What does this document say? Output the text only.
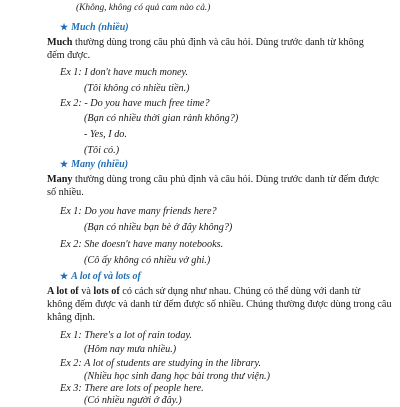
(Không, không có quả cam nào cả.)
★ Much (nhiều)
Much thường dùng trong câu phủ định và câu hỏi. Dùng trước danh từ không
đếm được.
Ex 1: I don't have much money.
(Tôi không có nhiều tiền.)
Ex 2: - Do you have much free time?
(Bạn có nhiều thời gian rảnh không?)
- Yes, I do.
(Tôi có.)
★ Many (nhiều)
Many thường dùng trong câu phủ định và câu hỏi. Dùng trước danh từ đếm được
số nhiều.
Ex 1: Do you have many friends here?
(Bạn có nhiều bạn bè ở đây không?)
Ex 2: She doesn't have many notebooks.
(Cô ấy không có nhiều vở ghi.)
★ A lot of và lots of
A lot of và lots of có cách sử dụng như nhau. Chúng có thể dùng với danh từ
không đếm được và danh từ đếm được số nhiều. Chúng thường được dùng trong câu
khẳng định.
Ex 1: There's a lot of rain today.
(Hôm nay mưa nhiều.)
Ex 2: A lot of students are studying in the library.
(Nhiều học sinh đang học bài trong thư viện.)
Ex 3: There are lots of people here.
(Có nhiều người ở đây.)
